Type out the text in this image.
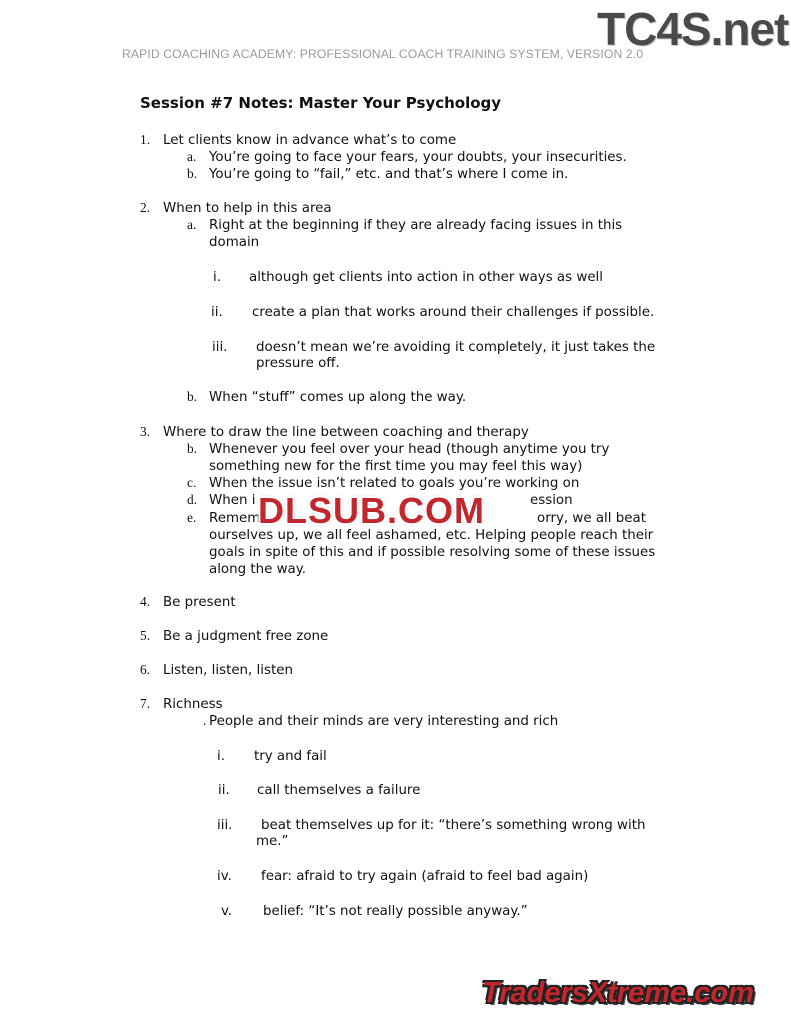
TC4S.net
RAPID COACHING ACADEMY: PROFESSIONAL COACH TRAINING SYSTEM, VERSION 2.0
Session #7 Notes: Master Your Psychology
1. Let clients know in advance what’s to come
a. You’re going to face your fears, your doubts, your insecurities.
b. You’re going to “fail,” etc. and that’s where I come in.
2. When to help in this area
a. Right at the beginning if they are already facing issues in this
domain
i. although get clients into action in other ways as well
ii. create a plan that works around their challenges if possible.
iii. doesn’t mean we’re avoiding it completely, it just takes the
pressure off.
b. When “stuff” comes up along the way.
3. Where to draw the line between coaching and therapy
b. Whenever you feel over your head (though anytime you try
something new for the first time you may feel this way)
c. When the issue isn’t related to goals you’re working on
d. When i	ession
e. Remem	orry, we all beat
ourselves up, we all feel ashamed, etc. Helping people reach their
goals in spite of this and if possible resolving some of these issues
along the way.
DLSUB.COM
4. Be present
5. Be a judgment free zone
6. Listen, listen, listen
7. Richness
. People and their minds are very interesting and rich
i. try and fail
ii. call themselves a failure
iii. beat themselves up for it: “there’s something wrong with
me.”
iv. fear: afraid to try again (afraid to feel bad again)
v. belief: “It’s not really possible anyway.”
TradersXtreme.com
